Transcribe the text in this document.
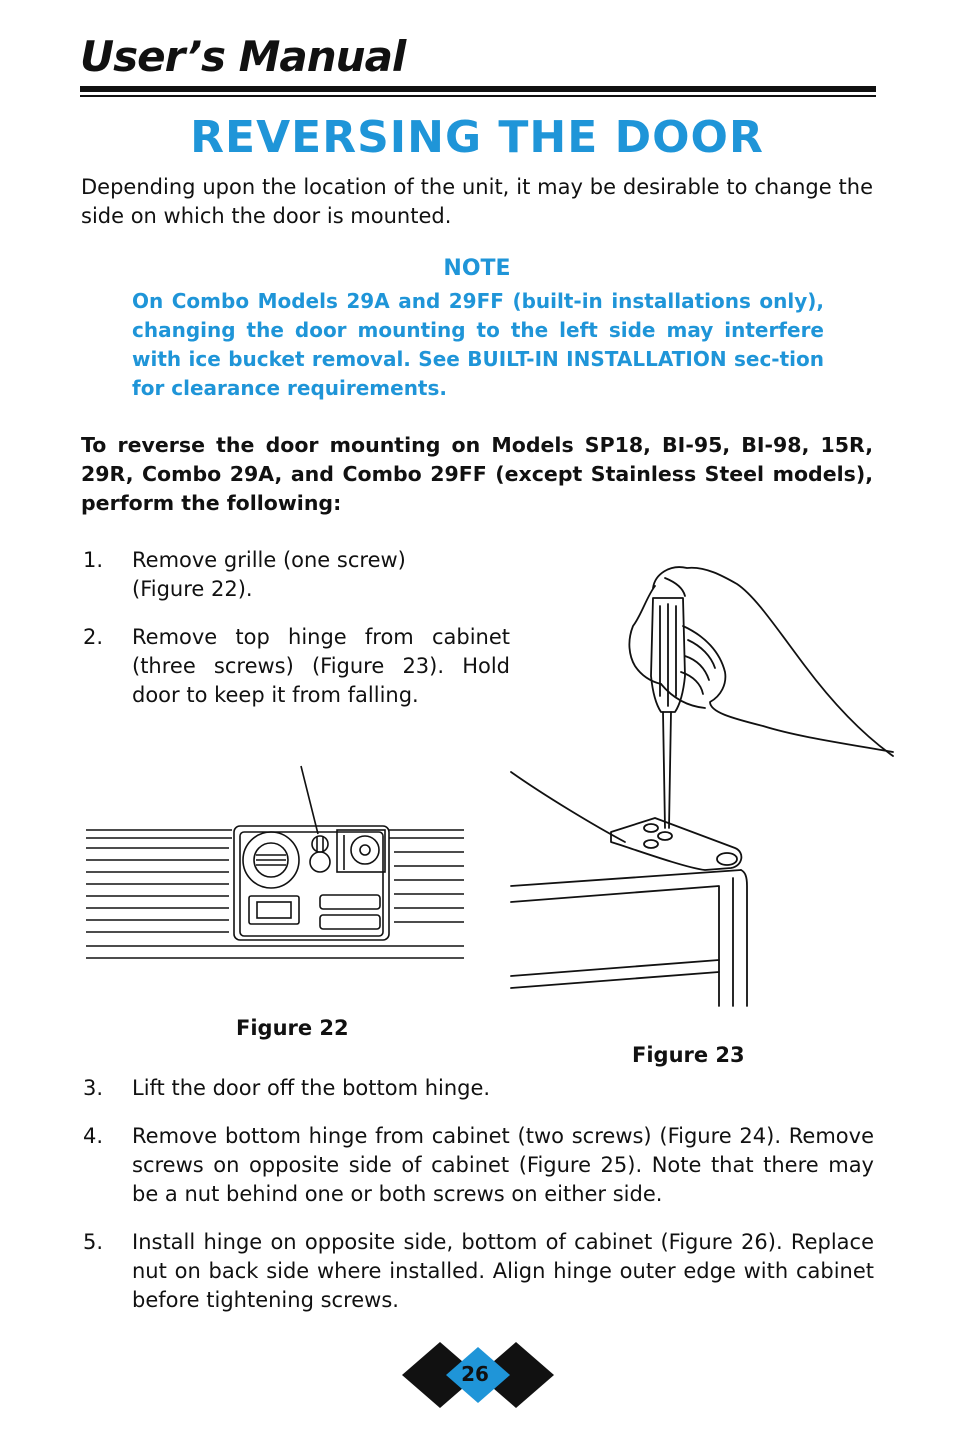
User’s Manual
REVERSING THE DOOR
Depending upon the location of the unit, it may be desirable to change the side on which the door is mounted.
NOTE
On Combo Models 29A and 29FF (built-in installations only), changing the door mounting to the left side may interfere with ice bucket removal. See BUILT-IN INSTALLATION sec-tion for clearance requirements.
To reverse the door mounting on Models SP18, BI-95, BI-98, 15R, 29R, Combo 29A, and Combo 29FF (except Stainless Steel models), perform the following:
1. Remove grille (one screw) (Figure 22).
2. Remove top hinge from cabinet (three screws) (Figure 23). Hold door to keep it from falling.
Figure 22
Figure 23
3. Lift the door off the bottom hinge.
4. Remove bottom hinge from cabinet (two screws) (Figure 24). Remove screws on opposite side of cabinet (Figure 25). Note that there may be a nut behind one or both screws on either side.
5. Install hinge on opposite side, bottom of cabinet (Figure 26). Replace nut on back side where installed. Align hinge outer edge with cabinet before tightening screws.
26
